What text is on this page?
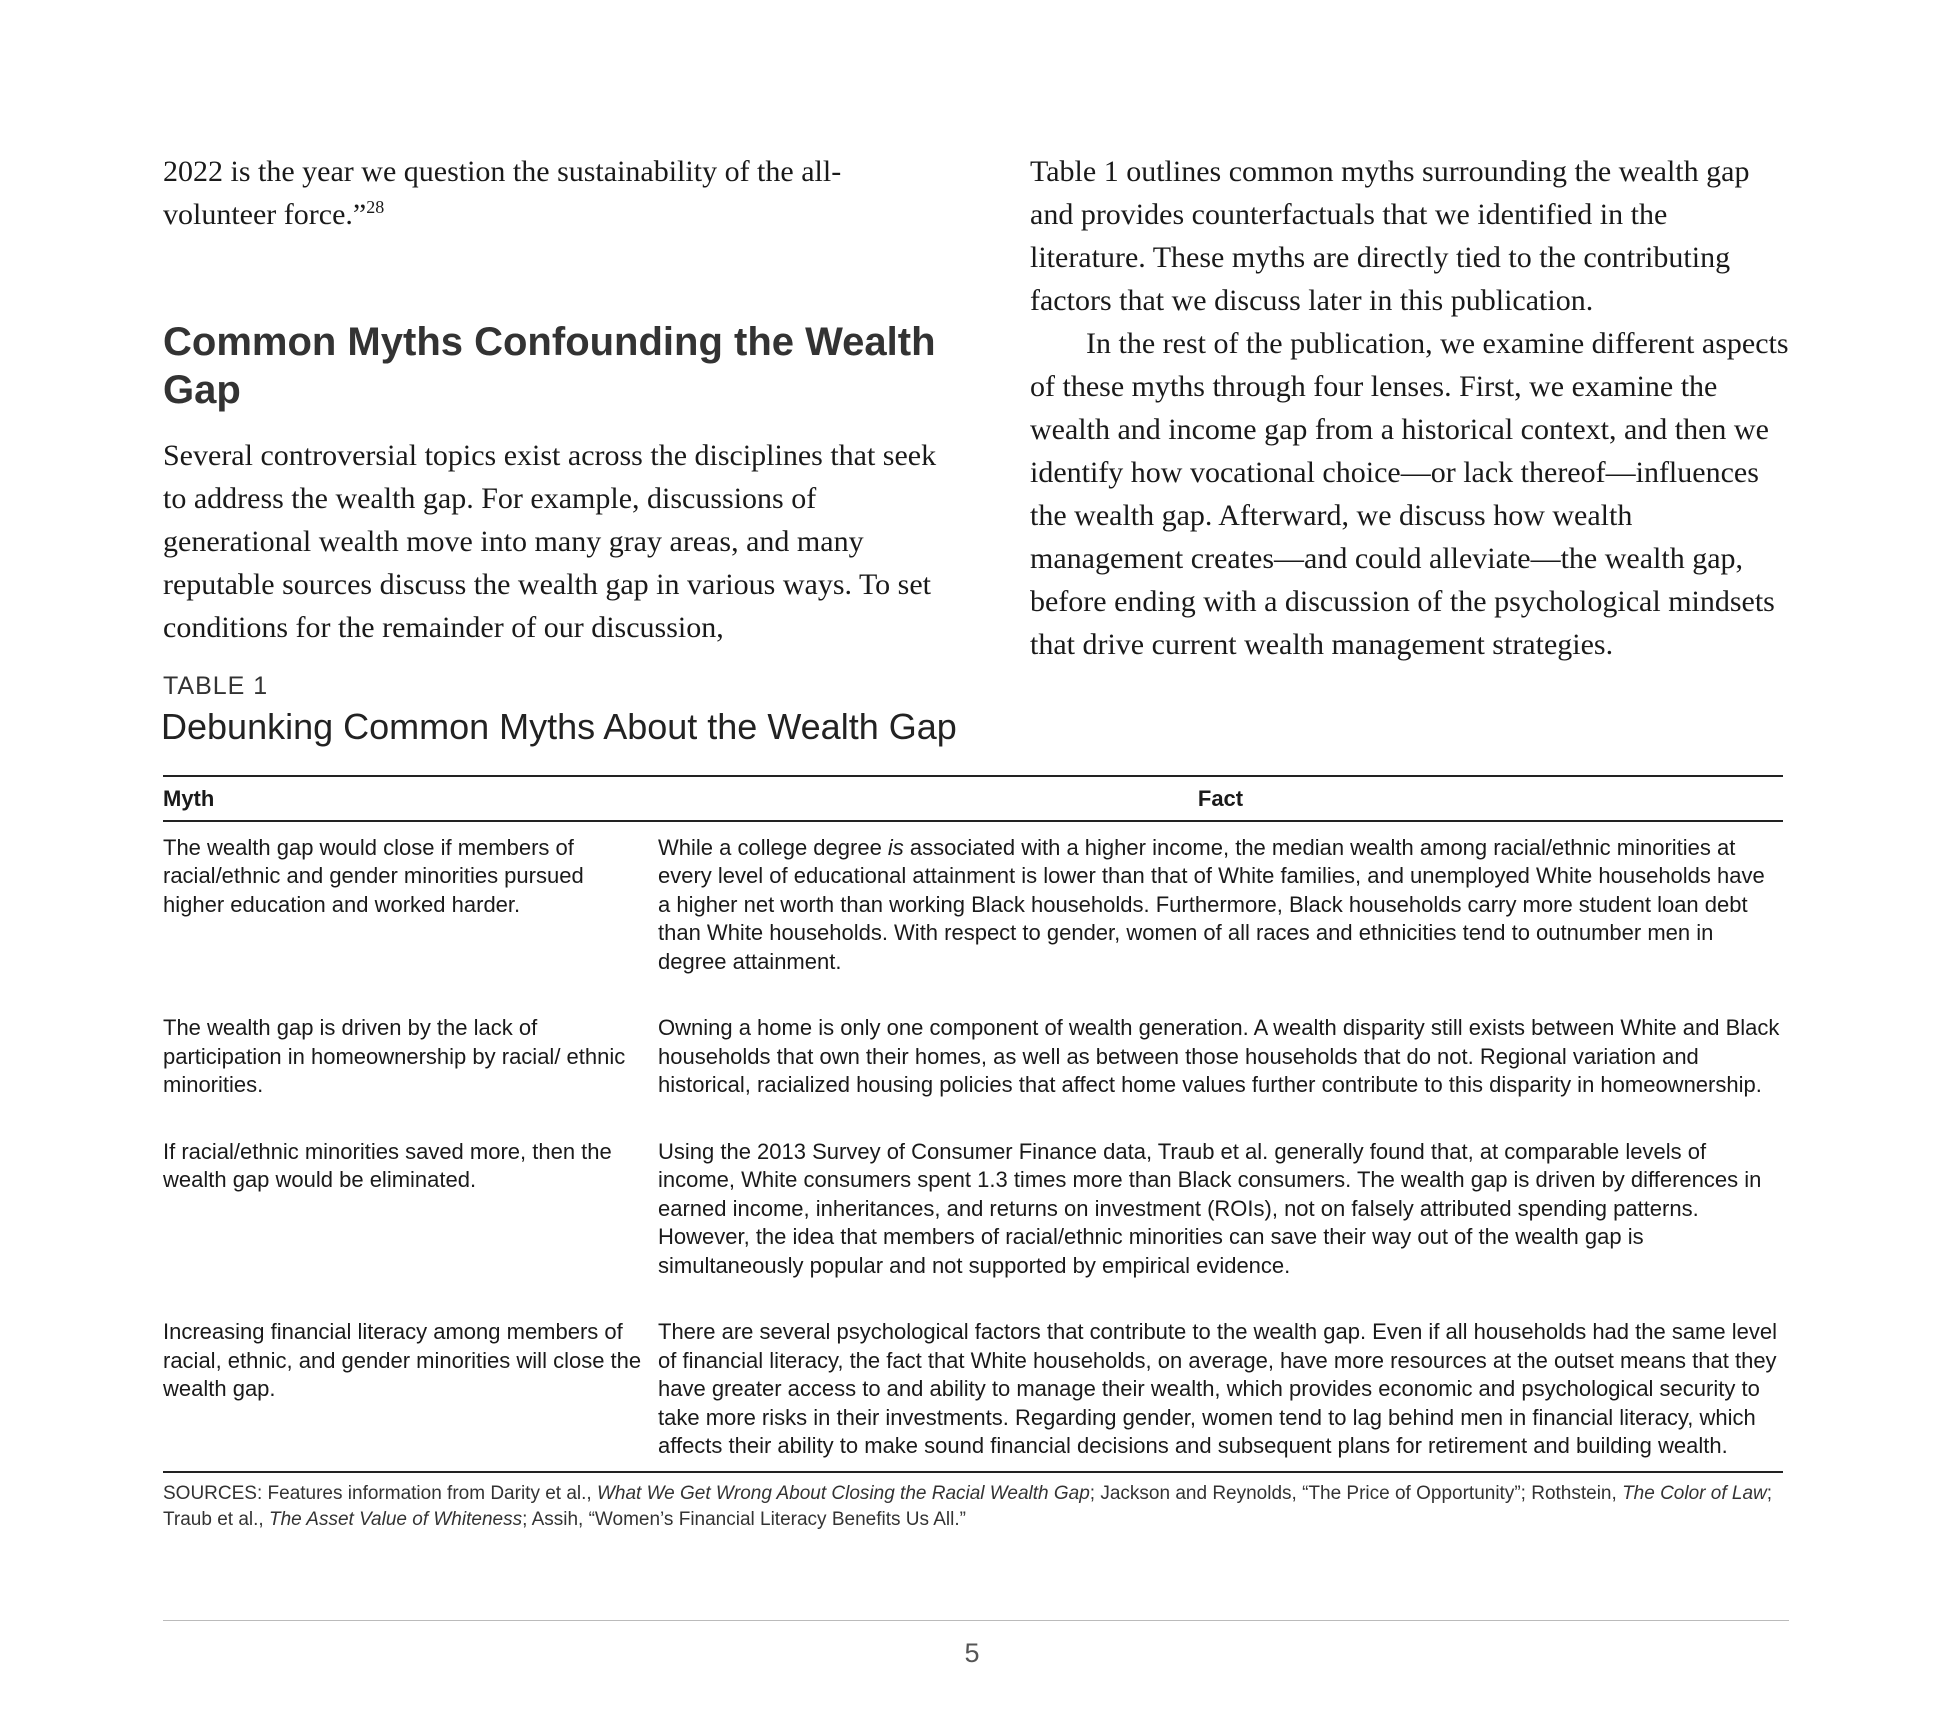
2022 is the year we question the sustainability of the all-volunteer force.”$^{28}$

Common Myths Confounding the Wealth Gap

Several controversial topics exist across the disciplines that seek to address the wealth gap. For example, discussions of generational wealth move into many gray areas, and many reputable sources discuss the wealth gap in various ways. To set conditions for the remainder of our discussion,

Table 1 outlines common myths surrounding the wealth gap and provides counterfactuals that we identified in the literature. These myths are directly tied to the contributing factors that we discuss later in this publication.

In the rest of the publication, we examine different aspects of these myths through four lenses. First, we examine the wealth and income gap from a historical context, and then we identify how vocational choice—or lack thereof—influences the wealth gap. Afterward, we discuss how wealth management creates—and could alleviate—the wealth gap, before ending with a discussion of the psychological mindsets that drive current wealth management strategies.

TABLE 1
Debunking Common Myths About the Wealth Gap
Myth	Fact
The wealth gap would close if members of racial/ethnic and gender minorities pursued higher education and worked harder.	While a college degree is associated with a higher income, the median wealth among racial/ethnic minorities at every level of educational attainment is lower than that of White families, and unemployed White households have a higher net worth than working Black households. Furthermore, Black households carry more student loan debt than White households. With respect to gender, women of all races and ethnicities tend to outnumber men in degree attainment.
The wealth gap is driven by the lack of participation in homeownership by racial/ ethnic minorities.	Owning a home is only one component of wealth generation. A wealth disparity still exists between White and Black households that own their homes, as well as between those households that do not. Regional variation and historical, racialized housing policies that affect home values further contribute to this disparity in homeownership.
If racial/ethnic minorities saved more, then the wealth gap would be eliminated.	Using the 2013 Survey of Consumer Finance data, Traub et al. generally found that, at comparable levels of income, White consumers spent 1.3 times more than Black consumers. The wealth gap is driven by differences in earned income, inheritances, and returns on investment (ROIs), not on falsely attributed spending patterns. However, the idea that members of racial/ethnic minorities can save their way out of the wealth gap is simultaneously popular and not supported by empirical evidence.
Increasing financial literacy among members of racial, ethnic, and gender minorities will close the wealth gap.	There are several psychological factors that contribute to the wealth gap. Even if all households had the same level of financial literacy, the fact that White households, on average, have more resources at the outset means that they have greater access to and ability to manage their wealth, which provides economic and psychological security to take more risks in their investments. Regarding gender, women tend to lag behind men in financial literacy, which affects their ability to make sound financial decisions and subsequent plans for retirement and building wealth.
SOURCES: Features information from Darity et al., What We Get Wrong About Closing the Racial Wealth Gap; Jackson and Reynolds, “The Price of Opportunity”; Rothstein, The Color of Law; Traub et al., The Asset Value of Whiteness; Assih, “Women’s Financial Literacy Benefits Us All.”
5
